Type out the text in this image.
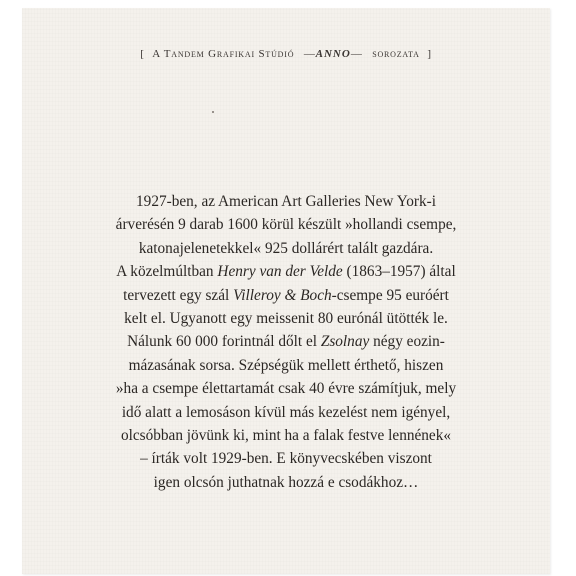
[ A Tandem Grafikai Stúdió —ANNO— sorozata ]
1927-ben, az American Art Galleries New York-i
árverésén 9 darab 1600 körül készült »hollandi csempe,
katonajelenetekkel« 925 dollárért talált gazdára.
A közelmúltban Henry van der Velde (1863–1957) által
tervezett egy szál Villeroy & Boch-csempe 95 euróért
kelt el. Ugyanott egy meissenit 80 eurónál ütötték le.
Nálunk 60 000 forintnál dőlt el Zsolnay négy eozin-
mázasának sorsa. Szépségük mellett érthető, hiszen
»ha a csempe élettartamát csak 40 évre számítjuk, mely
idő alatt a lemosáson kívül más kezelést nem igényel,
olcsóbban jövünk ki, mint ha a falak festve lennének«
– írták volt 1929-ben. E könyvecskében viszont
igen olcsón juthatnak hozzá e csodákhoz…
